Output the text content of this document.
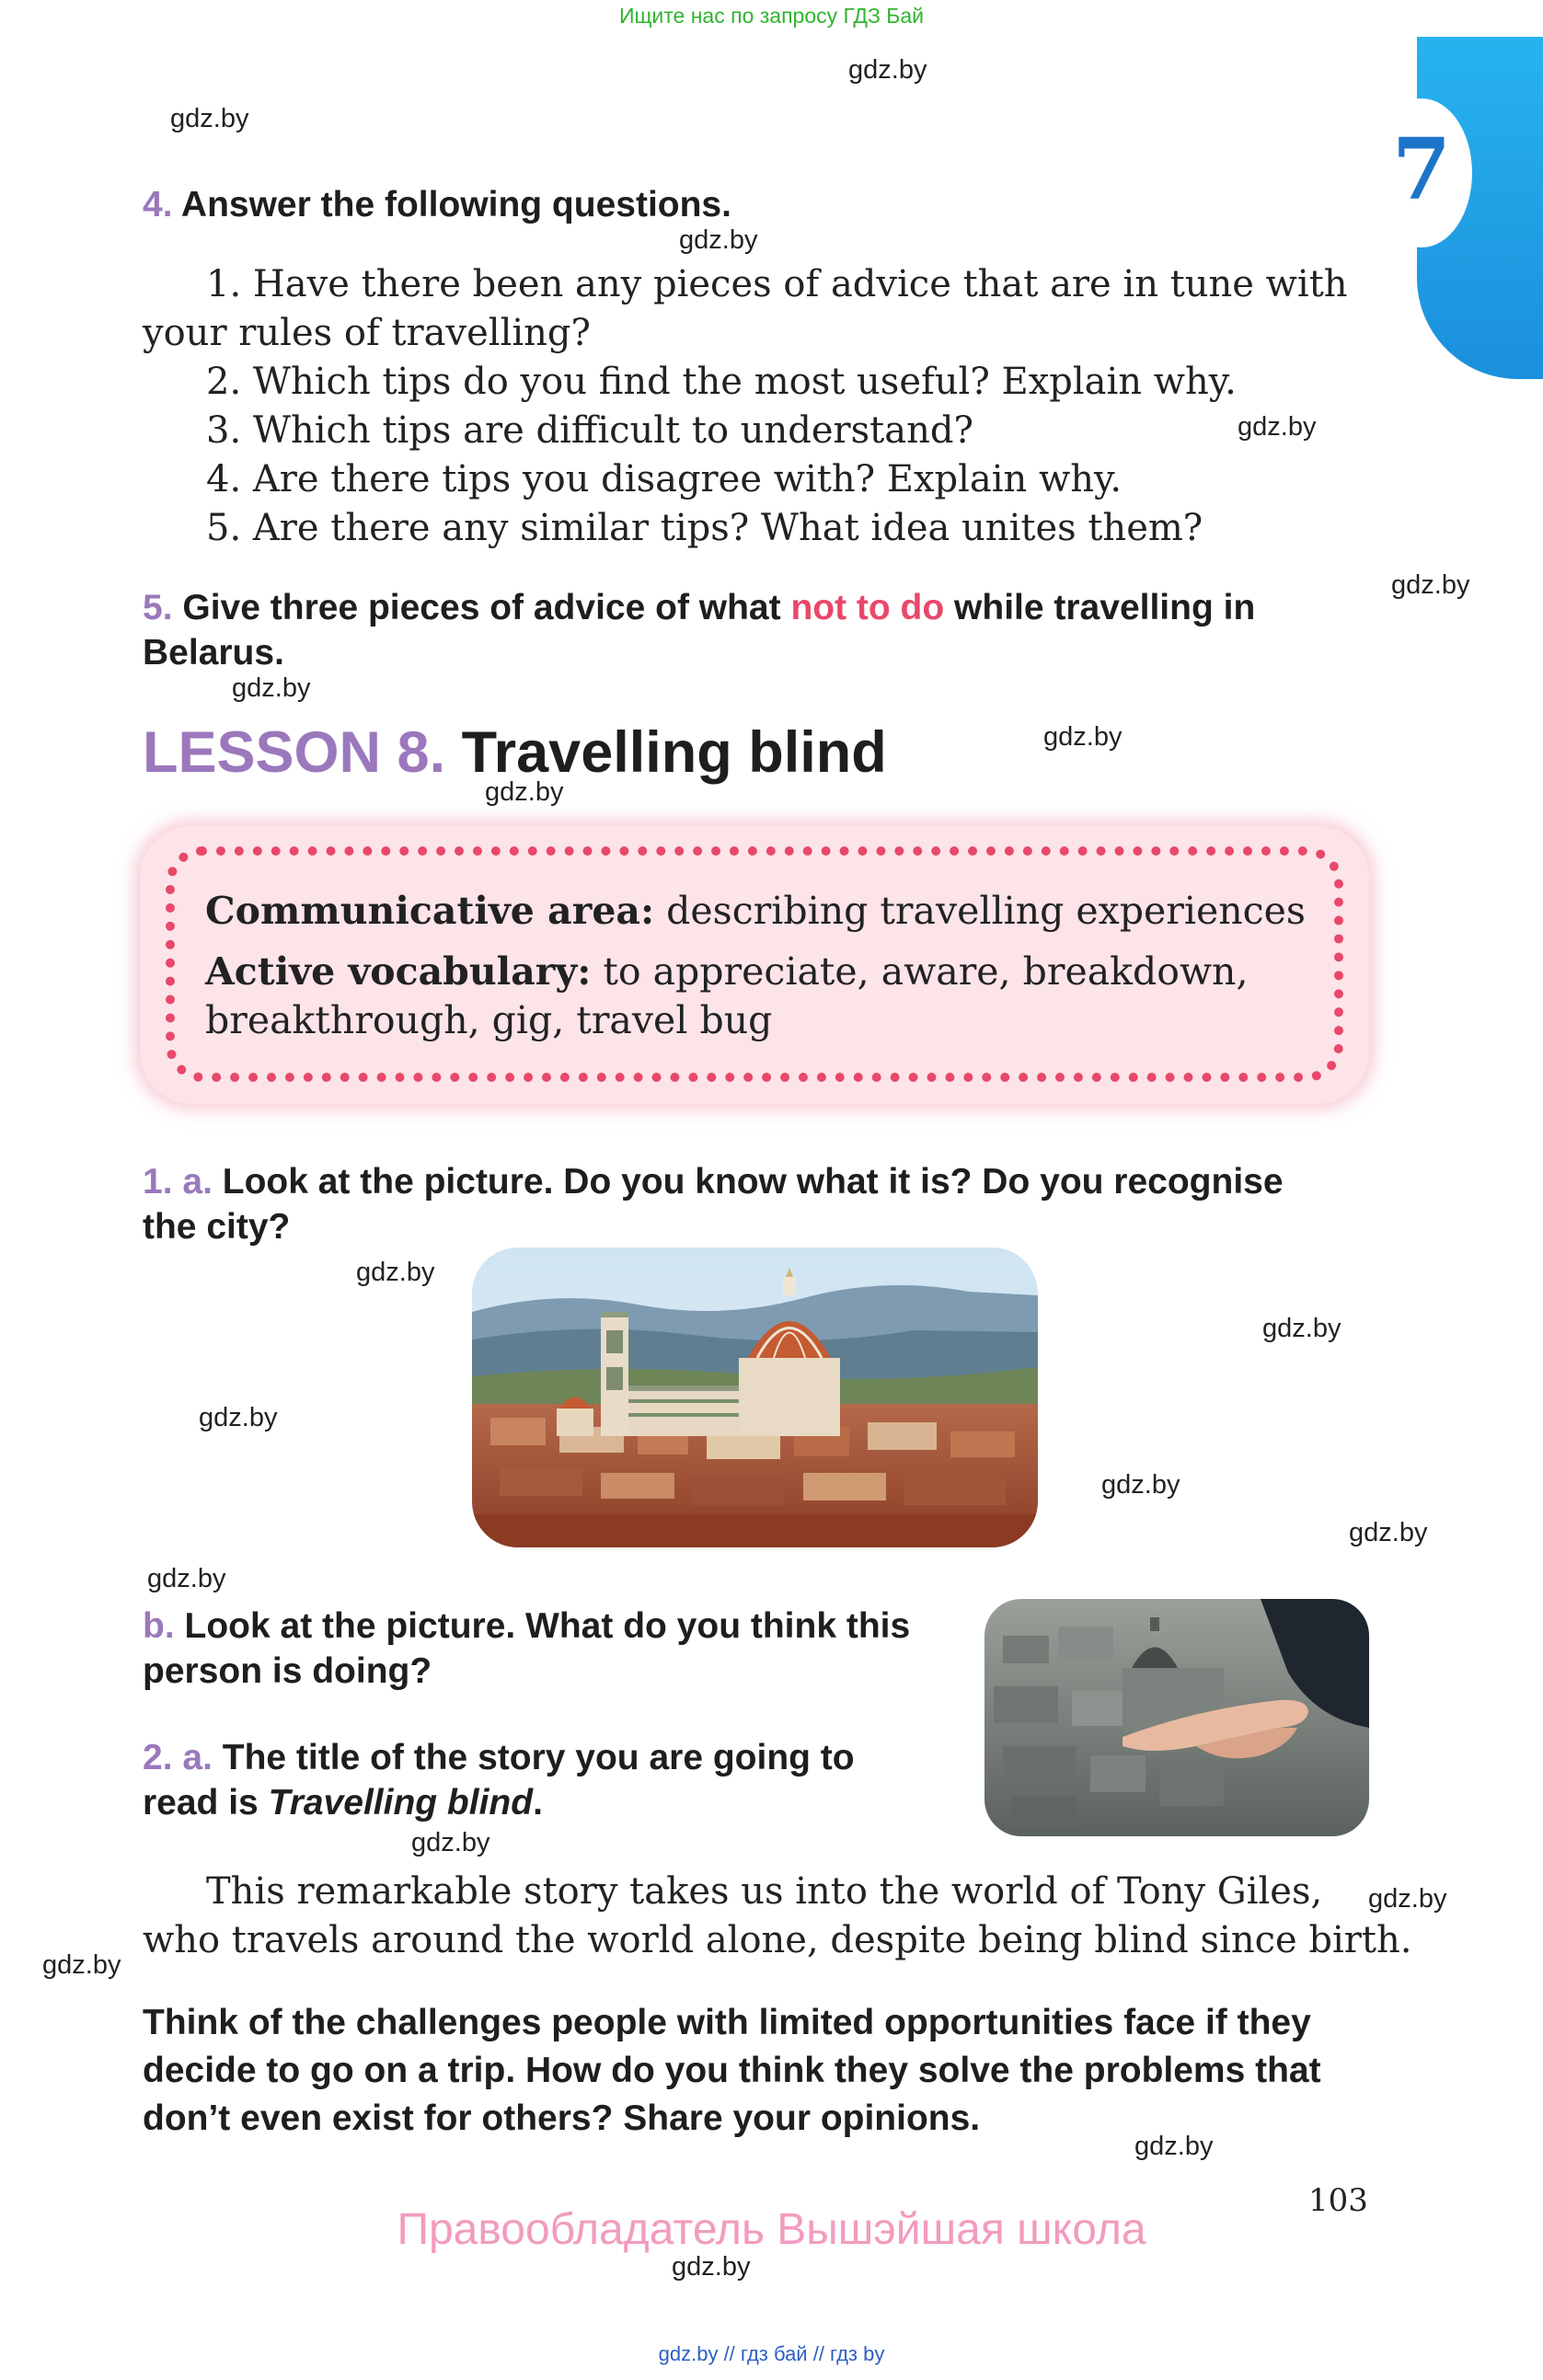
Ищите нас по запросу ГДЗ Бай
7
gdz.by
gdz.by
gdz.by
gdz.by
gdz.by
gdz.by
gdz.by
gdz.by
gdz.by
gdz.by
gdz.by
gdz.by
gdz.by
gdz.by
gdz.by
gdz.by
gdz.by
gdz.by
gdz.by
4. Answer the following questions.
1. Have there been any pieces of advice that are in tune with
your rules of travelling?
2. Which tips do you find the most useful? Explain why.
3. Which tips are difficult to understand?
4. Are there tips you disagree with? Explain why.
5. Are there any similar tips? What idea unites them?
5. Give three pieces of advice of what not to do while travelling in
Belarus.
LESSON 8. Travelling blind
Communicative area: describing travelling experiences
Active vocabulary: to appreciate, aware, breakdown,
breakthrough, gig, travel bug
1. a. Look at the picture. Do you know what it is? Do you recognise
the city?
b. Look at the picture. What do you think this
person is doing?
2. a. The title of the story you are going to
read is Travelling blind.
This remarkable story takes us into the world of Tony Giles,
who travels around the world alone, despite being blind since birth.
Think of the challenges people with limited opportunities face if they
decide to go on a trip. How do you think they solve the problems that
don’t even exist for others? Share your opinions.
103
Правообладатель Вышэйшая школа
gdz.by // гдз бай // гдз by
